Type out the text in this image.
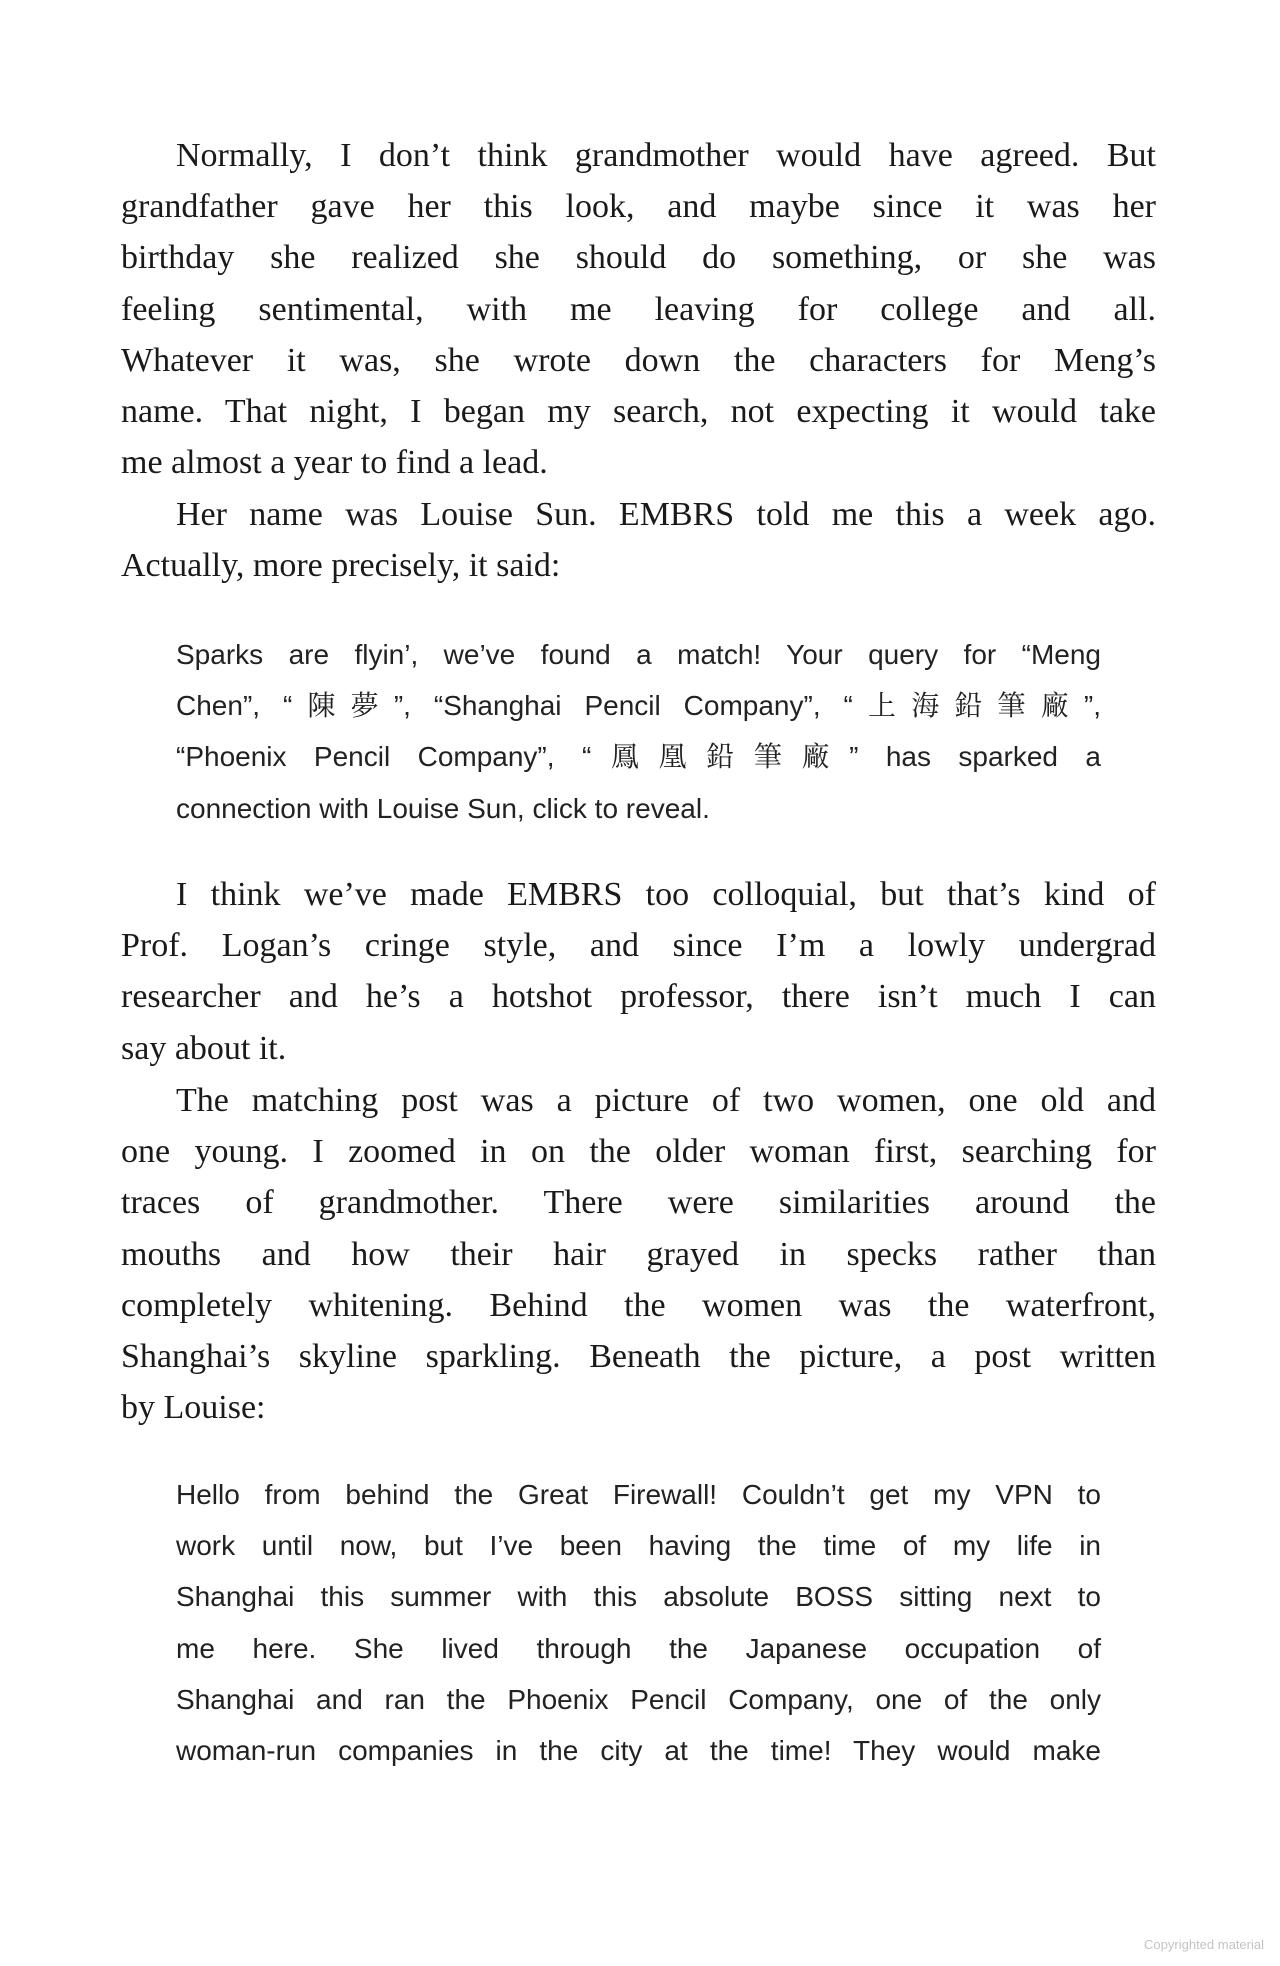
Normally, I don’t think grandmother would have agreed. But
grandfather gave her this look, and maybe since it was her
birthday she realized she should do something, or she was
feeling sentimental, with me leaving for college and all.
Whatever it was, she wrote down the characters for Meng’s
name. That night, I began my search, not expecting it would take
me almost a year to find a lead.
Her name was Louise Sun. EMBRS told me this a week ago.
Actually, more precisely, it said:
Sparks are flyin’, we’ve found a match! Your query for “Meng
Chen”, “陳夢”, “Shanghai Pencil Company”, “上海鉛筆廠”,
“Phoenix Pencil Company”, “鳳凰鉛筆廠” has sparked a
connection with Louise Sun, click to reveal.
I think we’ve made EMBRS too colloquial, but that’s kind of
Prof. Logan’s cringe style, and since I’m a lowly undergrad
researcher and he’s a hotshot professor, there isn’t much I can
say about it.
The matching post was a picture of two women, one old and
one young. I zoomed in on the older woman first, searching for
traces of grandmother. There were similarities around the
mouths and how their hair grayed in specks rather than
completely whitening. Behind the women was the waterfront,
Shanghai’s skyline sparkling. Beneath the picture, a post written
by Louise:
Hello from behind the Great Firewall! Couldn’t get my VPN to
work until now, but I’ve been having the time of my life in
Shanghai this summer with this absolute BOSS sitting next to
me here. She lived through the Japanese occupation of
Shanghai and ran the Phoenix Pencil Company, one of the only
woman-run companies in the city at the time! They would make
Copyrighted material
